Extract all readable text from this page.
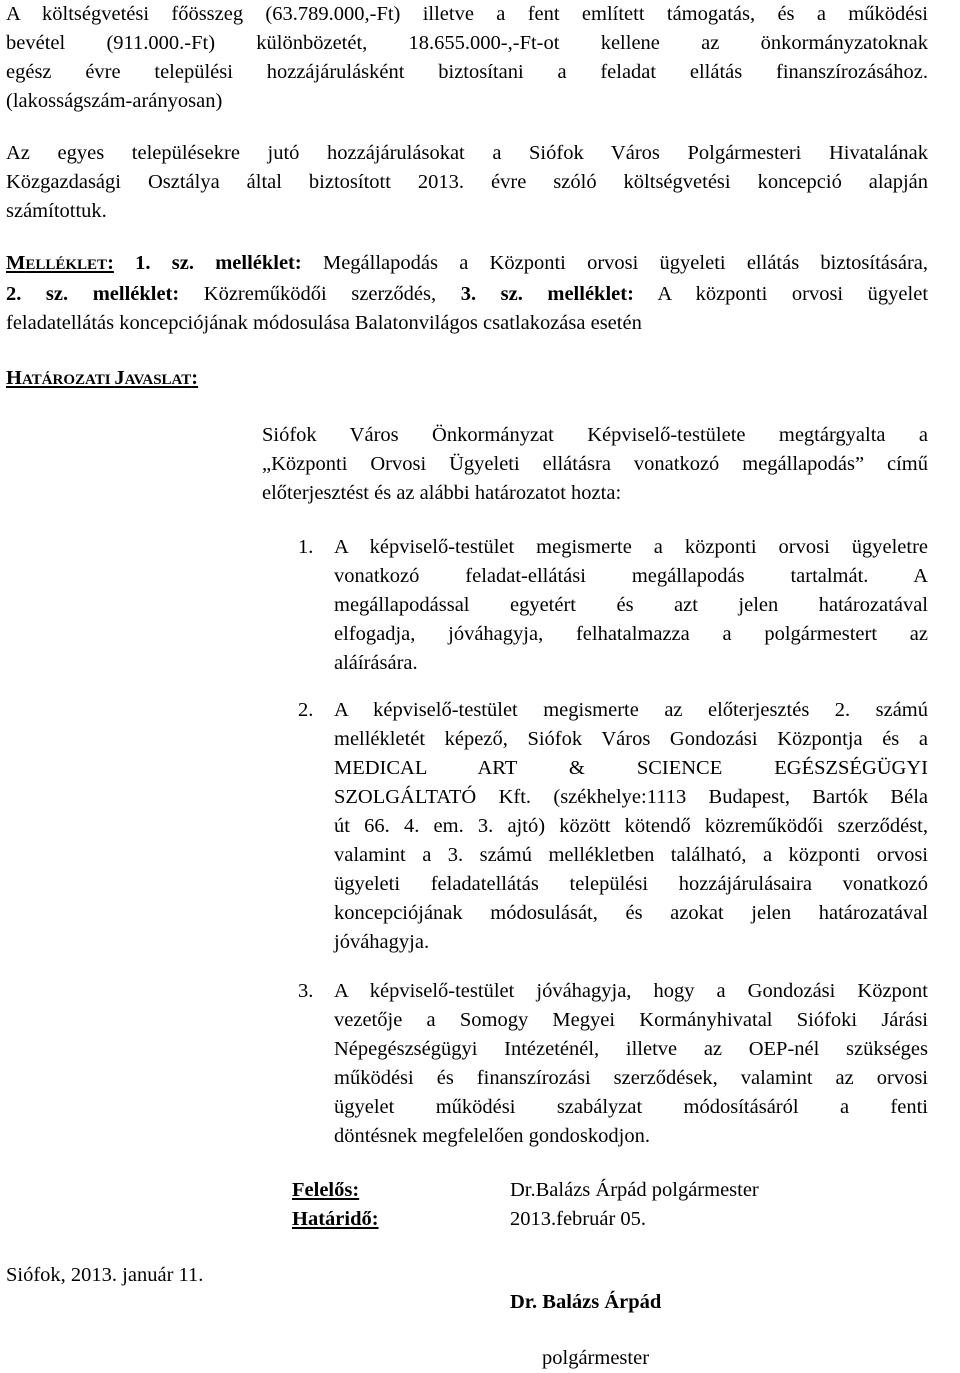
A költségvetési főösszeg (63.789.000,-Ft) illetve a fent említett támogatás, és a működési
bevétel (911.000.-Ft) különbözetét, 18.655.000-,-Ft-ot kellene az önkormányzatoknak
egész évre települési hozzájárulásként biztosítani a feladat ellátás finanszírozásához.
(lakosságszám-arányosan)
Az egyes településekre jutó hozzájárulásokat a Siófok Város Polgármesteri Hivatalának
Közgazdasági Osztálya által biztosított 2013. évre szóló költségvetési koncepció alapján
számítottuk.
MELLÉKLET: 1. sz. melléklet: Megállapodás a Központi orvosi ügyeleti ellátás biztosítására,
2. sz. melléklet: Közreműködői szerződés, 3. sz. melléklet: A központi orvosi ügyelet
feladatellátás koncepciójának módosulása Balatonvilágos csatlakozása esetén
HATÁROZATI JAVASLAT:
Siófok Város Önkormányzat Képviselő-testülete megtárgyalta a
„Központi Orvosi Ügyeleti ellátásra vonatkozó megállapodás” című
előterjesztést és az alábbi határozatot hozta:
1. A képviselő-testület megismerte a központi orvosi ügyeletre
vonatkozó feladat-ellátási megállapodás tartalmát. A
megállapodással egyetért és azt jelen határozatával
elfogadja, jóváhagyja, felhatalmazza a polgármestert az
aláírására.
2. A képviselő-testület megismerte az előterjesztés 2. számú
mellékletét képező, Siófok Város Gondozási Központja és a
MEDICAL ART & SCIENCE EGÉSZSÉGÜGYI
SZOLGÁLTATÓ Kft. (székhelye:1113 Budapest, Bartók Béla
út 66. 4. em. 3. ajtó) között kötendő közreműködői szerződést,
valamint a 3. számú mellékletben található, a központi orvosi
ügyeleti feladatellátás települési hozzájárulásaira vonatkozó
koncepciójának módosulását, és azokat jelen határozatával
jóváhagyja.
3. A képviselő-testület jóváhagyja, hogy a Gondozási Központ
vezetője a Somogy Megyei Kormányhivatal Siófoki Járási
Népegészségügyi Intézeténél, illetve az OEP-nél szükséges
működési és finanszírozási szerződések, valamint az orvosi
ügyelet működési szabályzat módosításáról a fenti
döntésnek megfelelően gondoskodjon.
Felelős:	Dr.Balázs Árpád polgármester
Határidő:	2013.február 05.
Siófok, 2013. január 11.
Dr. Balázs Árpád
polgármester
